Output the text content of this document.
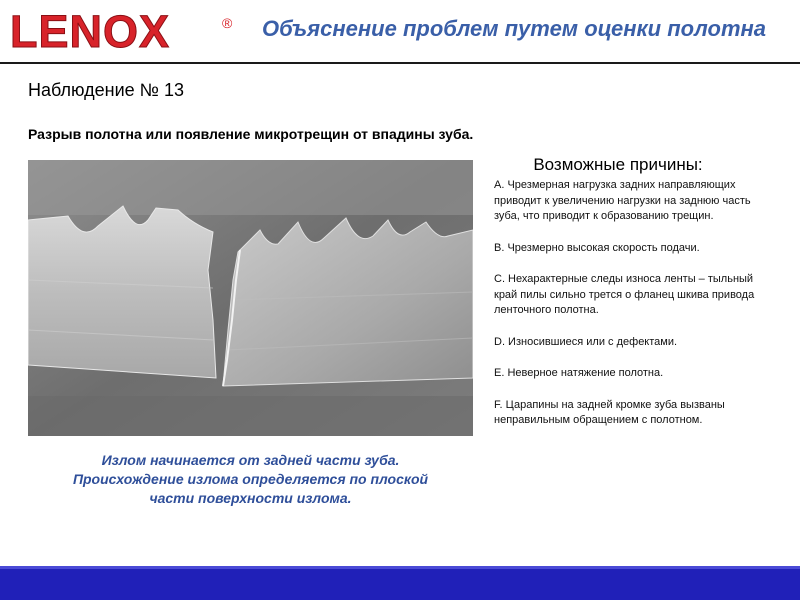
LENOX	® Объяснение проблем путем оценки полотна
Наблюдение № 13
Разрыв полотна или появление микротрещин от впадины зуба.
Излом начинается от задней части зуба.
Происхождение излома определяется по плоской
части поверхности излома.
Возможные причины:
A. Чрезмерная нагрузка задних направляющих приводит к увеличению нагрузки на заднюю часть зуба, что приводит к образованию трещин.
B. Чрезмерно высокая скорость подачи.
C. Нехарактерные следы износа ленты – тыльный край пилы сильно трется о фланец шкива привода ленточного полотна.
D. Износившиеся или с дефектами.
E. Неверное натяжение полотна.
F. Царапины на задней кромке зуба вызваны неправильным обращением с полотном.
